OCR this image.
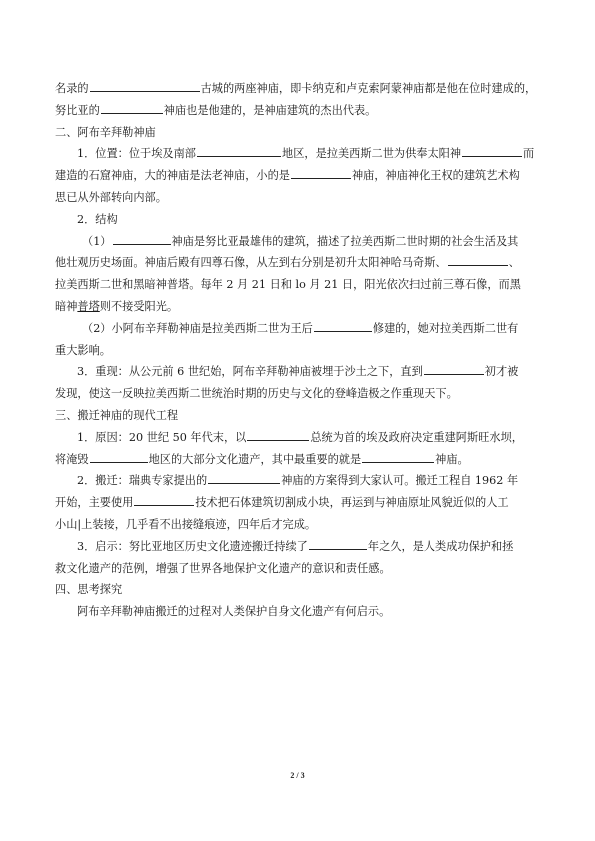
名录的	古城的两座神庙，即卡纳克和卢克索阿蒙神庙都是他在位时建成的，
努比亚的	神庙也是他建的，是神庙建筑的杰出代表。
二、阿布辛拜勒神庙
1．位置：位于埃及南部	地区，是拉美西斯二世为供奉太阳神	而
建造的石窟神庙，大的神庙是法老神庙，小的是	神庙，神庙神化王权的建筑艺术构
思已从外部转向内部。
2．结构
（1）	神庙是努比亚最雄伟的建筑，描述了拉美西斯二世时期的社会生活及其
他壮观历史场面。神庙后殿有四尊石像，从左到右分别是初升太阳神哈马奇斯、	、
拉美西斯二世和黑暗神普塔。每年 2 月 21 日和 lo 月 21 日，阳光依次扫过前三尊石像，而黑
暗神普塔则不接受阳光。
（2）小阿布辛拜勒神庙是拉美西斯二世为王后	修建的，她对拉美西斯二世有
重大影响。
3．重现：从公元前 6 世纪始，阿布辛拜勒神庙被埋于沙土之下，直到	初才被
发现，使这一反映拉美西斯二世统治时期的历史与文化的登峰造极之作重现天下。
三、搬迁神庙的现代工程
1．原因：20 世纪 50 年代末，以	总统为首的埃及政府决定重建阿斯旺水坝，
将淹毁	地区的大部分文化遗产，其中最重要的就是	神庙。
2．搬迁：瑞典专家提出的	神庙的方案得到大家认可。搬迁工程自 1962 年
开始，主要使用	技术把石体建筑切割成小块，再运到与神庙原址风貌近似的人工
小山|上装接，几乎看不出接缝痕迹，四年后才完成。
3．启示：努比亚地区历史文化遗迹搬迁持续了	年之久，是人类成功保护和拯
救文化遗产的范例，增强了世界各地保护文化遗产的意识和责任感。
四、思考探究
阿布辛拜勒神庙搬迁的过程对人类保护自身文化遗产有何启示。
2 / 3
